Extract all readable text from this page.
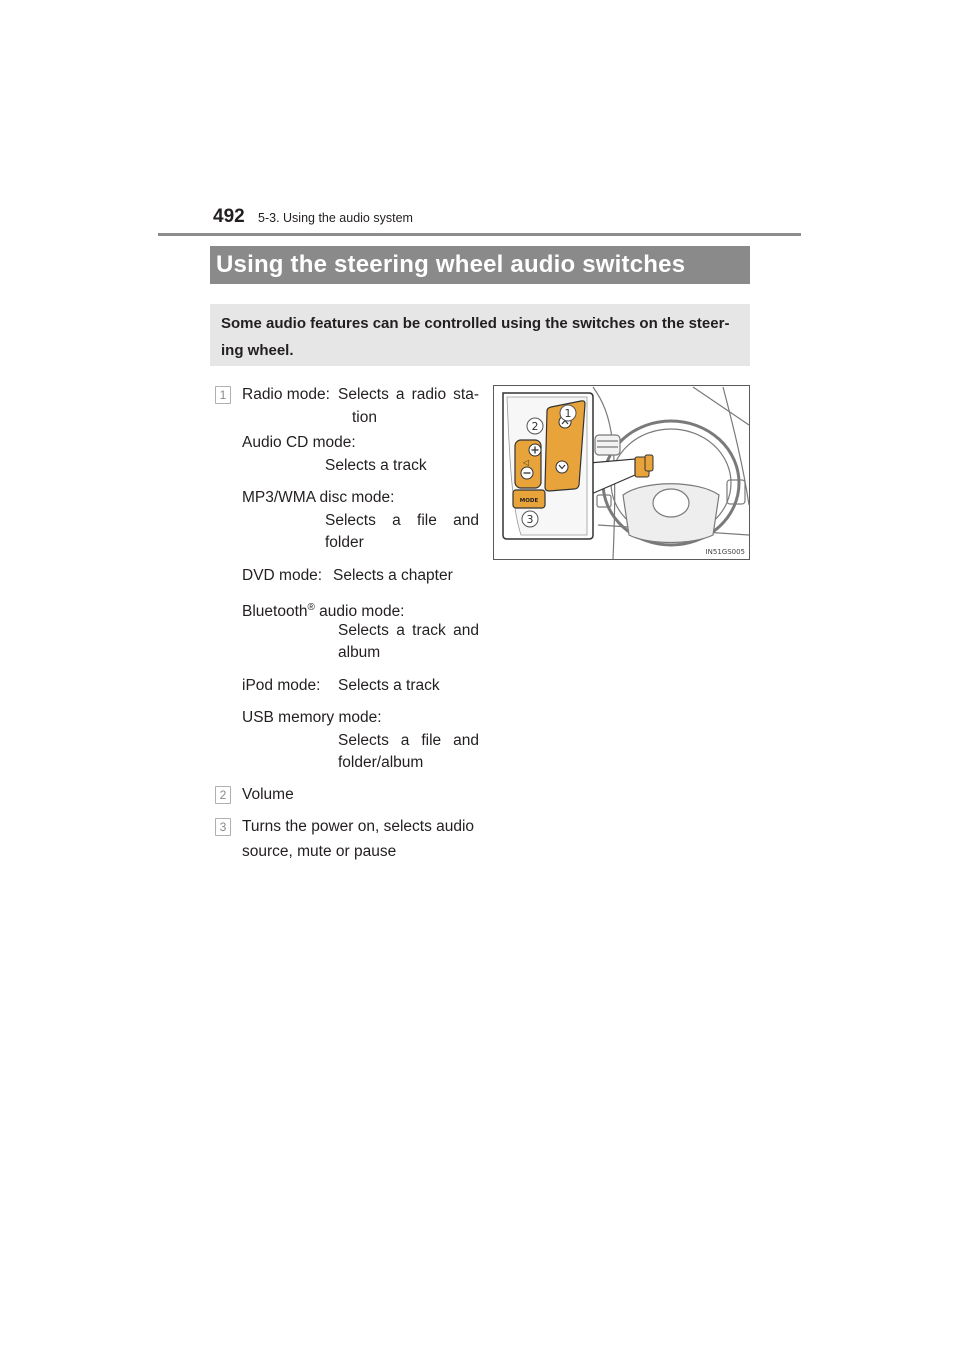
492 5-3. Using the audio system
Using the steering wheel audio switches
Some audio features can be controlled using the switches on the steer-ing wheel.
1	Radio mode: Selects a radio sta-
tion
Audio CD mode:
Selects a track
MP3/WMA disc mode:
Selects a file and
folder
DVD mode: Selects a chapter
Bluetooth® audio mode:
Selects a track and
album
iPod mode: Selects a track
USB memory mode:
Selects a file and
folder/album
2	Volume
3	Turns the power on, selects audio
source, mute or pause
◁
MODE
2
1
3
IN51GS005
